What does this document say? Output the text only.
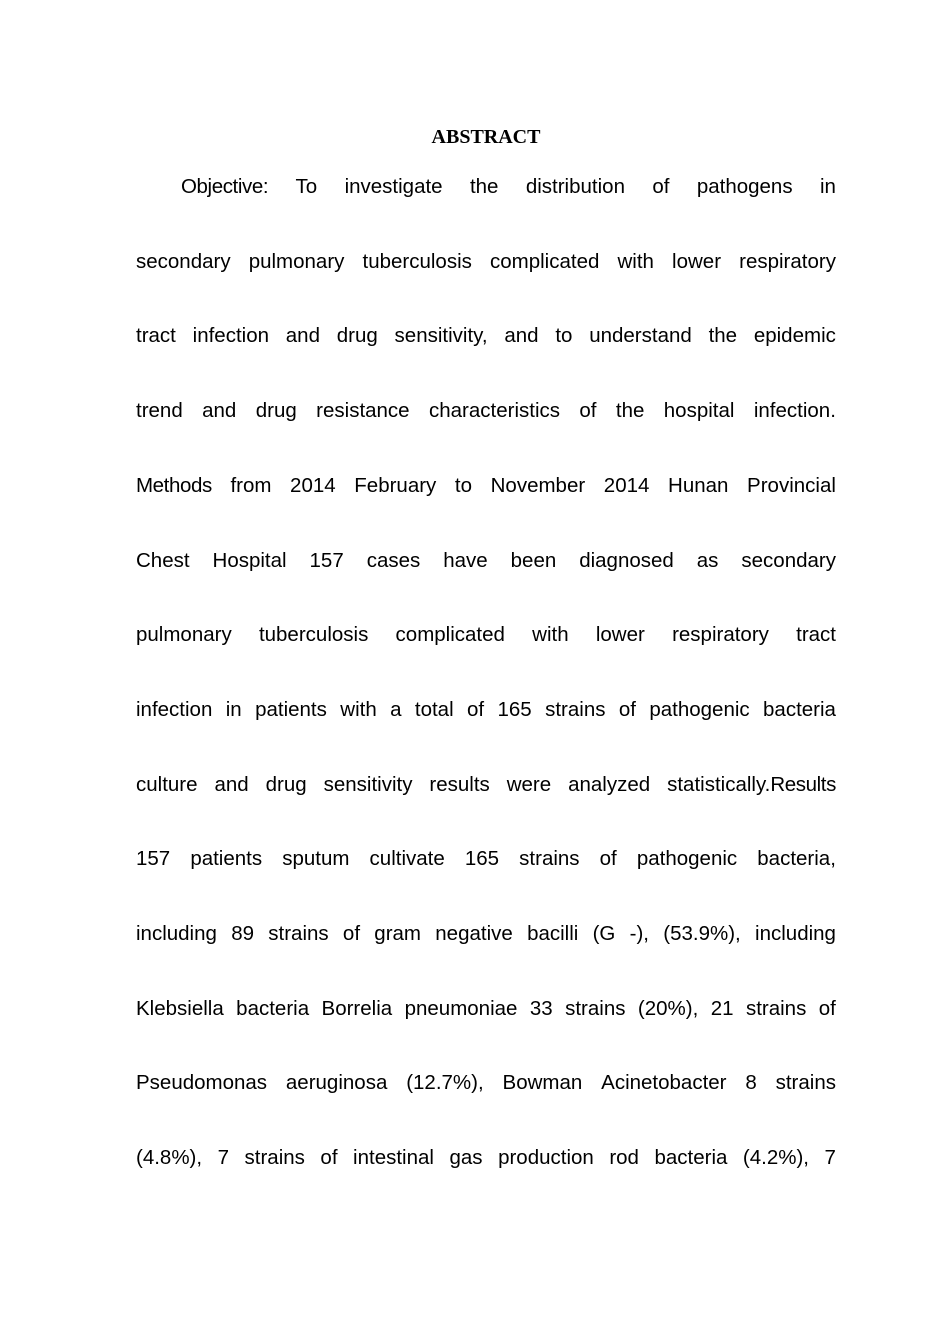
ABSTRACT
Objective: To investigate the distribution of pathogens in
secondary pulmonary tuberculosis complicated with lower respiratory
tract infection and drug sensitivity, and to understand the epidemic
trend and drug resistance characteristics of the hospital infection.
Methods from 2014 February to November 2014 Hunan Provincial
Chest Hospital 157 cases have been diagnosed as secondary
pulmonary tuberculosis complicated with lower respiratory tract
infection in patients with a total of 165 strains of pathogenic bacteria
culture and drug sensitivity results were analyzed statistically.Results
157 patients sputum cultivate 165 strains of pathogenic bacteria,
including 89 strains of gram negative bacilli (G -), (53.9%), including
Klebsiella bacteria Borrelia pneumoniae 33 strains (20%), 21 strains of
Pseudomonas aeruginosa (12.7%), Bowman Acinetobacter 8 strains
(4.8%), 7 strains of intestinal gas production rod bacteria (4.2%), 7
